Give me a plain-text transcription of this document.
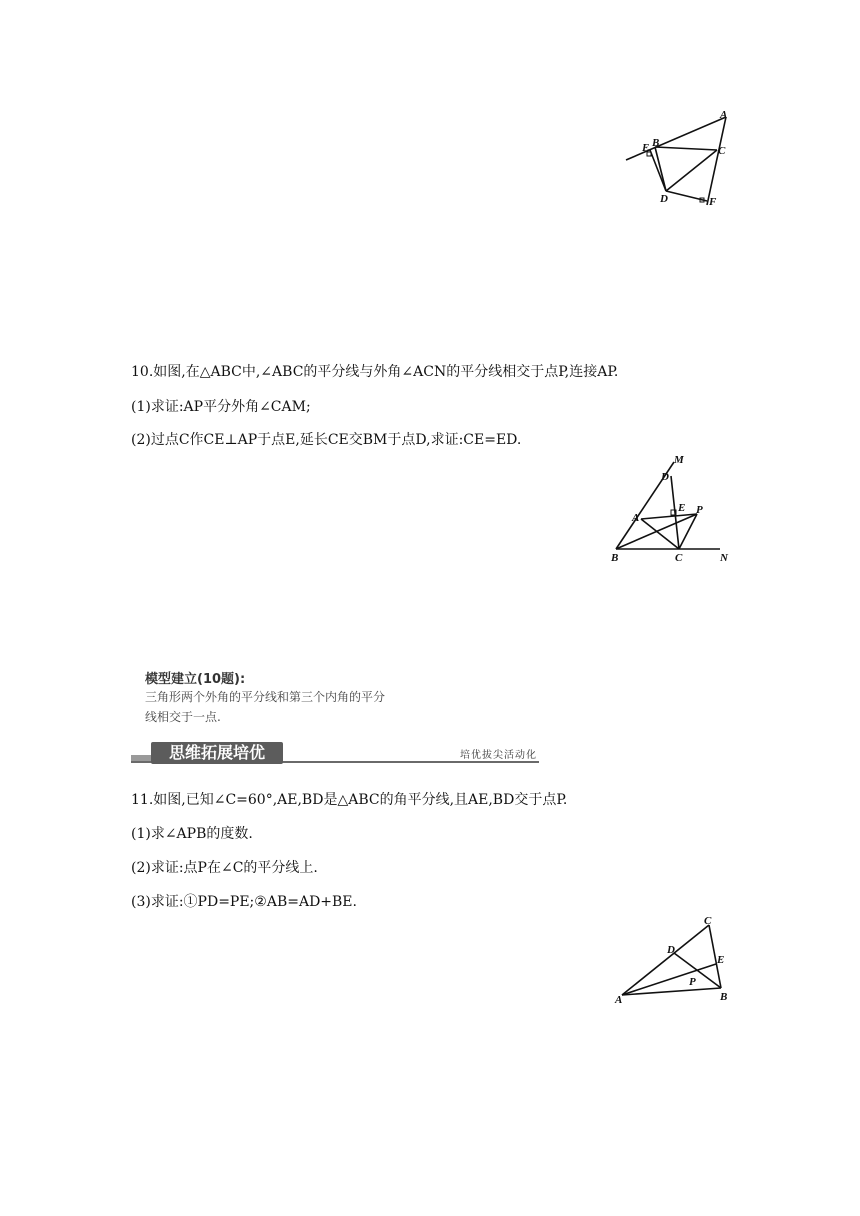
A
B
C
E
D	F
10.如图,在△ABC中,∠ABC的平分线与外角∠ACN的平分线相交于点P,连接AP.
(1)求证:AP平分外角∠CAM;
(2)过点C作CE⊥AP于点E,延长CE交BM于点D,求证:CE=ED.
M
D
A
E P
B	C	N
模型建立(10题):
三角形两个外角的平分线和第三个内角的平分
线相交于一点.
思维拓展培优	培优拔尖活动化
11.如图,已知∠C=60°,AE,BD是△ABC的角平分线,且AE,BD交于点P.
(1)求∠APB的度数.
(2)求证:点P在∠C的平分线上.
(3)求证:①PD=PE;②AB=AD+BE.
C
D
E
P
A	B
